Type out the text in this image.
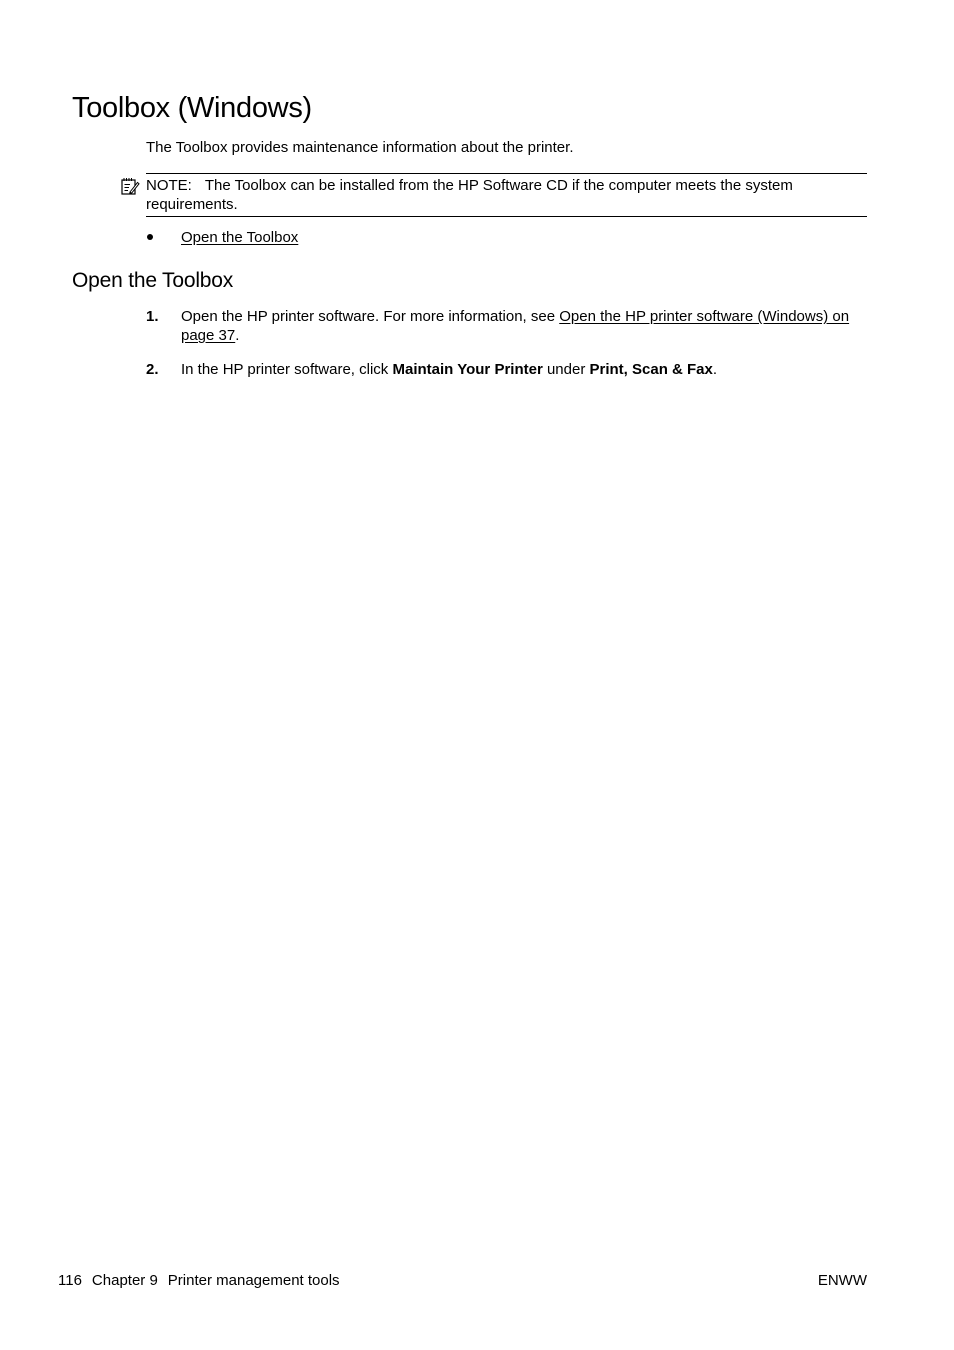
Toolbox (Windows)
The Toolbox provides maintenance information about the printer.
NOTE: The Toolbox can be installed from the HP Software CD if the computer meets the system requirements.
Open the Toolbox
Open the Toolbox
1. Open the HP printer software. For more information, see Open the HP printer software (Windows) on page 37.
2. In the HP printer software, click Maintain Your Printer under Print, Scan & Fax.
116 Chapter 9 Printer management tools	ENWW
